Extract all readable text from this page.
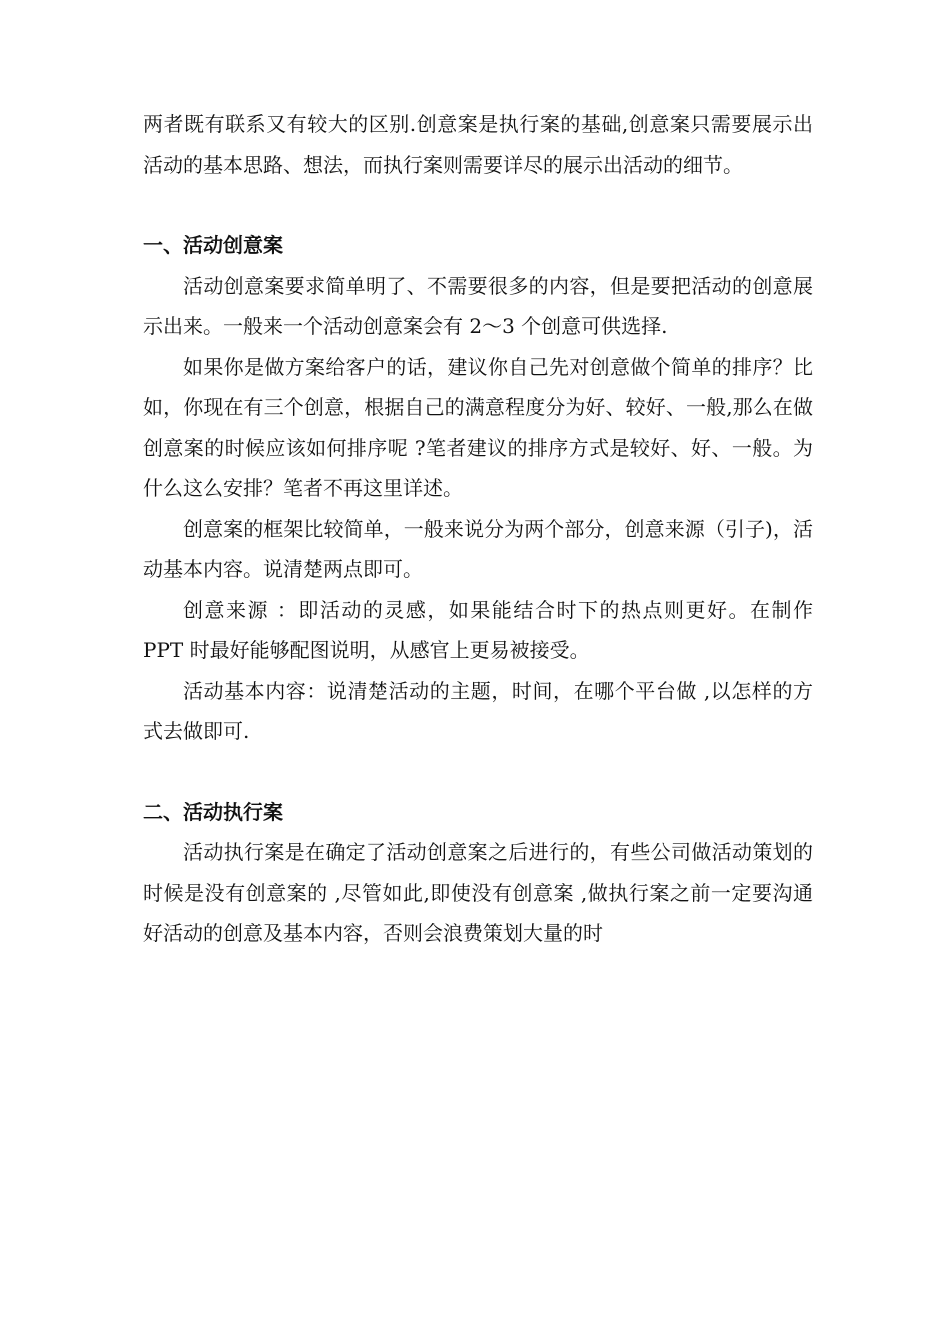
两者既有联系又有较大的区别.创意案是执行案的基础,创意案只需要展示出活动的基本思路、想法，而执行案则需要详尽的展示出活动的细节。

一、活动创意案

活动创意案要求简单明了、不需要很多的内容，但是要把活动的创意展示出来。一般来一个活动创意案会有 2～3 个创意可供选择.

如果你是做方案给客户的话，建议你自己先对创意做个简单的排序？比如，你现在有三个创意，根据自己的满意程度分为好、较好、一般,那么在做创意案的时候应该如何排序呢 ?笔者建议的排序方式是较好、好、一般。为什么这么安排？笔者不再这里详述。

创意案的框架比较简单，一般来说分为两个部分，创意来源（引子)，活动基本内容。说清楚两点即可。

创意来源 ：即活动的灵感，如果能结合时下的热点则更好。在制作 PPT 时最好能够配图说明，从感官上更易被接受。

活动基本内容：说清楚活动的主题，时间，在哪个平台做 ,以怎样的方式去做即可.

二、活动执行案

活动执行案是在确定了活动创意案之后进行的，有些公司做活动策划的时候是没有创意案的 ,尽管如此,即使没有创意案 ,做执行案之前一定要沟通好活动的创意及基本内容，否则会浪费策划大量的时
